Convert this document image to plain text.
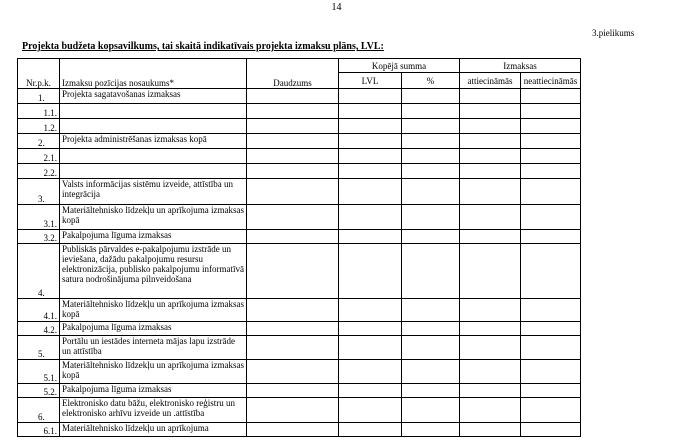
14
3.pielikums
Projekta budžeta kopsavilkums, tai skaitā indikatīvais projekta izmaksu plāns, LVL:
Nr.p.k.	Izmaksu pozīcijas nosaukums*	Daudzums	Kopējā summa		Izmaksas	
			LVL	%	attiecināmās	neattiecināmās
1.	Projekta sagatavošanas izmaksas					
1.1.						
1.2.						
2.	Projekta administrēšanas izmaksas kopā					
2.1.						
2.2.						
3.	Valsts informācijas sistēmu izveide, attīstība un integrācija					
3.1.	Materiāltehnisko līdzekļu un aprīkojuma izmaksas kopā					
3.2.	Pakalpojuma līguma izmaksas					
4.	Publiskās pārvaldes e-pakalpojumu izstrāde un ieviešana, dažādu pakalpojumu resursu elektronizācija, publisko pakalpojumu informatīvā satura nodrošinājuma pilnveidošana					
4.1.	Materiāltehnisko līdzekļu un aprīkojuma izmaksas kopā					
4.2.	Pakalpojuma līguma izmaksas					
5.	Portālu un iestādes interneta mājas lapu izstrāde un attīstība					
5.1.	Materiāltehnisko līdzekļu un aprīkojuma izmaksas kopā					
5.2.	Pakalpojuma līguma izmaksas					
6.	Elektronisko datu bāžu, elektronisko reģistru un elektronisko arhīvu izveide un .attīstība					
6.1.	Materiāltehnisko līdzekļu un aprīkojuma					
